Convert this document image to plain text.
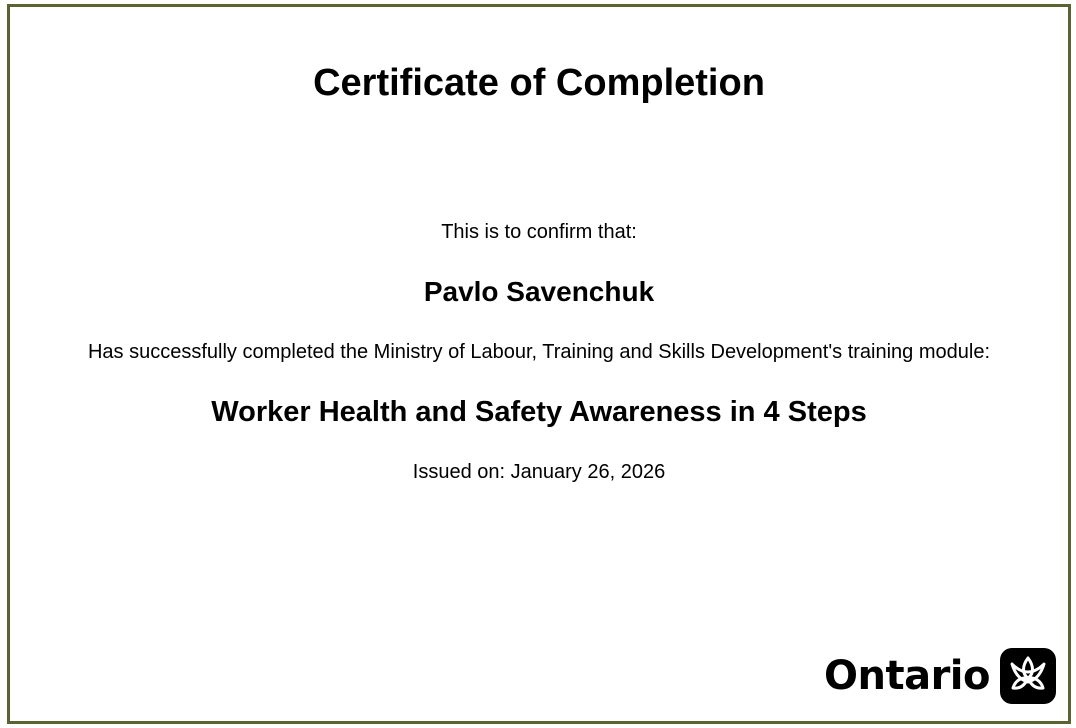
Certificate of Completion
This is to confirm that:
Pavlo Savenchuk
Has successfully completed the Ministry of Labour, Training and Skills Development's training module:
Worker Health and Safety Awareness in 4 Steps
Issued on: January 26, 2026
Ontario
